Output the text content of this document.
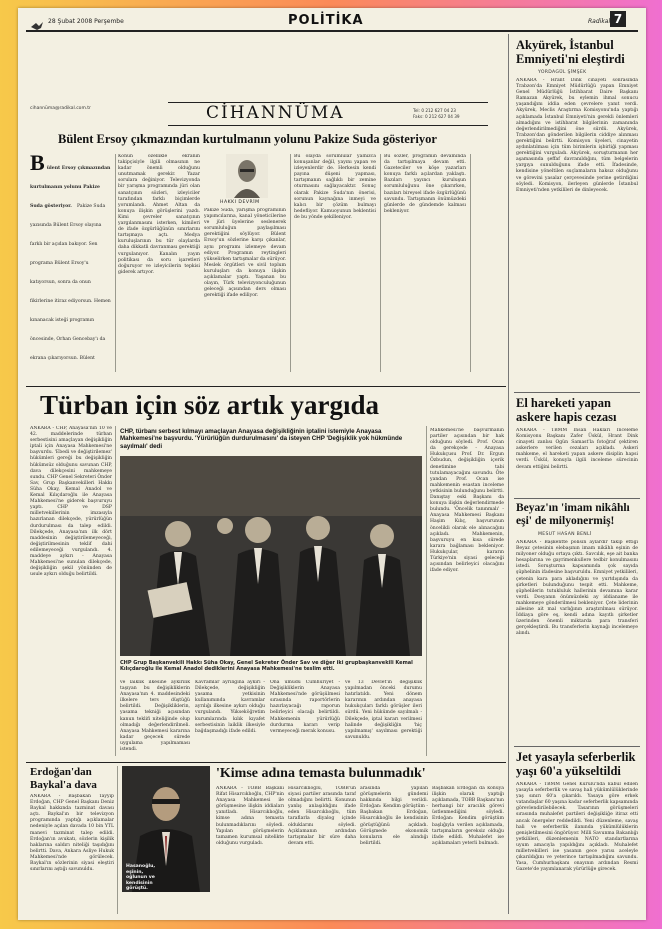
28 Şubat 2008 Perşembe	POLİTİKA	Radikal 7
cihannüma@radikal.com.tr	CİHANNÜMA	Tel: 0 212 627 04 23
Faks: 0 212 627 04 39
Bülent Ersoy çıkmazından kurtulmanın yolunu Pakize Suda gösteriyor
B ülent Ersoy çıkmazından kurtulmanın yolunu Pakize Suda gösteriyor. Pakize Suda yazısında Bülent Ersoy olayına farklı bir açıdan bakıyor. Sen programa Bülent Ersoy'u katıyorsun, sonra da onun fikirlerine itiraz ediyorsun. Hemen kınanacak isteği programın öncesinde, Orhan Gencebay'ı da ekrana çıkarıyorsun. Bülent
Konun özellikle ekranın takipçisiyle ilgili olmasının ne kadar önemli olduğunu unutmamak gerekir. Yazar sorulara değiniyor. Televizyonda bir yarışma programında jüri olan sanatçının sözleri, izleyiciler tarafından farklı biçimlerde yorumlandı. Ahmet Altan da konuya ilişkin görüşlerini yazdı. Kimi çevreler sanatçının yargılanmasını isterken, kimileri de ifade özgürlüğünün sınırlarını tartışmaya açtı. Medya kuruluşlarının bu tür olaylarda daha dikkatli davranması gerektiği vurgulanıyor. Kanalın yayın politikası da soru işaretleri doğuruyor ve izleyicilerin tepkisi giderek artıyor.
HAKKI DEVRİM
Pakize Suda, yarışma programının yapımcılarına, kanal yöneticilerine ve jüri üyelerine seslenerek sorumluluğun paylaşılması gerektiğini söylüyor. Bülent Ersoy'un sözlerine karşı çıkanlar, aynı programı izlemeye devam ediyor. Programın reytingleri yükselirken tartışmalar da sürüyor. Meslek örgütleri ve sivil toplum kuruluşları da konuya ilişkin açıklamalar yaptı. Yaşanan bu olayın, Türk televizyonculuğunun geleceği açısından ders olması gerektiği ifade ediliyor.
Bu olayda sorumlular yalnızca konuşanlar değil, yayını yapan ve izleyenlerdir de. Herkesin kendi payına düşeni yapması, tartışmanın sağlıklı bir zemine oturmasını sağlayacaktır. Sonuç olarak Pakize Suda'nın önerisi, sorunun kaynağına inmeyi ve kalıcı bir çözüm bulmayı hedefliyor. Kamuoyunun beklentisi de bu yönde şekilleniyor.
Bu sözler, programın devamında da tartışılmaya devam etti. Gazeteciler ve köşe yazarları konuya farklı açılardan yaklaştı. Bazıları yayıncı kuruluşun sorumluluğunu öne çıkarırken, bazıları bireysel ifade özgürlüğünü savundu. Tartışmanın önümüzdeki günlerde de gündemde kalması bekleniyor.
Akyürek, İstanbul Emniyeti'ni eleştirdi
YORDAGÜL ŞİMŞEK
ANKARA - Hrant Dink cinayeti sonrasında Trabzon'da Emniyet Müdürlüğü yapan Emniyet Genel Müdürlüğü İstihbarat Daire Başkanı Ramazan Akyürek, bu eylemin ihmal sonucu yaşandığını iddia eden çevrelere yanıt verdi. Akyürek, Meclis Araştırma Komisyonu'nda yaptığı açıklamada İstanbul Emniyeti'nin gerekli önlemleri almadığını ve istihbarat bilgilerinin zamanında değerlendirilmediğini öne sürdü. Akyürek, Trabzon'dan gönderilen bilgilerin ciddiye alınması gerektiğini belirtti. Komisyon üyeleri, cinayetin aydınlatılması için tüm birimlerin işbirliği yapması gerektiğini vurguladı. Akyürek, soruşturmanın her aşamasında şeffaf davranıldığını, tüm belgelerin yargıya sunulduğunu ifade etti. İfadesinde, kendisine yöneltilen suçlamaların haksız olduğunu ve görevini yasalar çerçevesinde yerine getirdiğini söyledi. Komisyon, ilerleyen günlerde İstanbul Emniyeti'nden yetkilileri de dinleyecek.
El hareketi yapan askere hapis cezası
ANKARA - TBMM İnsan Hakları İnceleme Komisyonu Başkanı Zafer Üskül, Hrant Dink cinayeti zanlısı Ogün Samast'la fotoğraf çektiren askerlere verilen cezaları açıkladı. Askeri mahkeme, el hareketi yapan askere disiplin hapsi verdi. Üskül, konuyla ilgili inceleme sürecinin devam ettiğini belirtti.
Beyaz'ın 'imam nikâhlı eşi' de milyonermiş!
MESUT HASAN BENLİ
ANKARA - Başkentte polisin aylardır takip ettiği Beyaz çetesinin elebaşının imam nikâhlı eşinin de milyoner olduğu ortaya çıktı. Savcılık, eşe ait banka hesaplarına ve gayrimenkullere tedbir konulmasını istedi. Soruşturma kapsamında çok sayıda şüphelinin ifadesine başvuruldu. Emniyet yetkilileri, çetenin kara para akladığını ve yurtdışında da şirketleri bulunduğunu tespit etti. Mahkeme, şüphelilerin tutukluluk hallerinin devamına karar verdi. Dosyanın önümüzdeki ay iddianame ile mahkemeye gönderilmesi bekleniyor. Çete liderinin ailesine ait mal varlığının araştırılması sürüyor. İddiaya göre eş, kendi adına kayıtlı şirketler üzerinden önemli miktarda para transferi gerçekleştirdi. Bu transferlerin kaynağı incelemeye alındı.
Jet yasayla seferberlik yaşı 60'a yükseltildi
ANKARA - TBMM Genel Kurulu'nda kabul edilen yasayla seferberlik ve savaş hali yükümlülüklerinde yaş sınırı 60'a çıkarıldı. Yasaya göre erkek vatandaşlar 60 yaşına kadar seferberlik kapsamında görevlendirilebilecek. Tasarının görüşmeleri sırasında muhalefet partileri değişikliğe itiraz etti ancak önergeler reddedildi. Yeni düzenleme, savaş hali ve seferberlik ilanında yükümlülüklerin genişletilmesini öngörüyor. Milli Savunma Bakanlığı yetkilileri, düzenlemenin NATO standartlarına uyum amacıyla yapıldığını açıkladı. Muhalefet milletvekilleri ise yasanın gece yarısı aceleyle çıkarıldığını ve yeterince tartışılmadığını savundu. Yasa, Cumhurbaşkanı onayının ardından Resmi Gazete'de yayımlanarak yürürlüğe girecek.
Türban için söz artık yargıda
ANKARA - CHP, Anayasa'nın 10 ve 42. maddelerinde türban serbestisini amaçlayan değişikliğin iptali için Anayasa Mahkemesi'ne başvurdu. 'Ebedi ve değiştirilemez' hükümleri gereği bu değişikliğin hükümsüz olduğunu savunan CHP, dava dilekçesini mahkemeye sundu. CHP Genel Sekreteri Önder Sav, Grup Başkanvekilleri Hakkı Süha Okay, Kemal Anadol ve Kemal Kılıçdaroğlu ile Anayasa Mahkemesi'ne giderek başvuruyu yaptı. CHP ve DSP milletvekillerinin imzasıyla hazırlanan dilekçede, yürürlüğün durdurulması da talep edildi. Dilekçede, Anayasa'nın ilk dört maddesinin değiştirilemeyeceği, değiştirilmesinin teklif dahi edilemeyeceği vurgulandı. 4. maddeye aykırı - Anayasa Mahkemesi'ne sunulan dilekçede, değişikliğin şekil yönünden de usule aykırı olduğu belirtildi.
CHP, türbanı serbest kılmayı amaçlayan Anayasa değişikliğinin iptalini istemiyle Anayasa Mahkemesi'ne başvurdu. 'Yürürlüğün durdurulmasını' da isteyen CHP 'Değişiklik yok hükmünde sayılmalı' dedi
CHP Grup Başkanvekili Hakkı Süha Okay, Genel Sekreter Önder Sav ve diğer iki grupbaşkanvekili Kemal Kılıçdaroğlu ile Kemal Anadol dediklerini Anayasa Mahkemesi'ne teslim etti.
ve laiklik ilkesine aykırılık taşıyan bu değişikliklerin Anayasa'nın 4. maddesindeki ilkelere ters düştüğü belirtildi. Değişikliklerin, yasama tekniği açısından kanun teklifi niteliğinde olup olmadığı değerlendirilmeli. Anayasa Mahkemesi kararına kadar geçecek sürede uygulama yapılmaması istendi.
Kavramlar ayrılığına aykırı - Dilekçede, değişikliğin yasama yetkisinin kullanımında kavramlar ayrılığı ilkesine aykırı olduğu vurgulandı. Yükseköğretim kurumlarında kılık kıyafet serbestisinin laiklik ilkesiyle bağdaşmadığı ifade edildi.
Ona umudu Cumhuriyet - Değişikliklerin Anayasa Mahkemesi'nde görüşülmesi sırasında raportörlerin hazırlayacağı raporun belirleyici olacağı belirtildi. Mahkemenin yürürlüğü durdurma kararı verip vermeyeceği merak konusu.
ve 13 Devlet'in değişiklik yapılmadan önceki durumu hatırlatıldı. Yeni dönem kararının ardından anayasa hukukçuları farklı görüşler ileri sürdü. Yeni hükümde sayılmalı - Dilekçede, iptal kararı verilmesi halinde değişikliğin 'hiç yapılmamış' sayılması gerektiği savunuldu.
Mahkemesi'ne başvurmanın partiler açısından bir hak olduğunu söyledi. Prof. Ocan da gerekçede - Anayasa Hukukçusu Prof. Dr. Ergun Özbudun, değişikliğin içerik denetimine tabi tutulamayacağını savundu. Öte yandan Prof. Ocan ise mahkemenin esastan inceleme yetkisinin bulunduğunu belirtti. Danıştay eski Başkanı da konuya ilişkin değerlendirmede bulundu. 'Öncelik tanınmalı' - Anayasa Mahkemesi Başkanı Haşim Kılıç, başvurunun öncelikli olarak ele alınacağını açıkladı. Mahkemenin, başvuruyu en kısa sürede karara bağlaması bekleniyor. Hukukçular, kararın Türkiye'nin siyasi geleceği açısından belirleyici olacağını ifade ediyor.
Erdoğan'dan Baykal'a dava
ANKARA - Başbakan Tayyip Erdoğan, CHP Genel Başkanı Deniz Baykal hakkında tazminat davası açtı. Baykal'ın bir televizyon programında yaptığı açıklamalar nedeniyle açılan davada 10 bin YTL manevi tazminat talep edildi. Erdoğan'ın avukatı, sözlerin kişilik haklarına saldırı niteliği taşıdığını belirtti. Dava, Ankara Asliye Hukuk Mahkemesi'nde görülecek. Baykal'ın sözlerinin siyasi eleştiri sınırlarını aştığı savunuldu.
Hasanoğlu, eşinin, oğlunun ve kendisinin görüştü.
'Kimse adına temasta bulunmadık'
ANKARA - TOBB Başkanı Rifat Hisarcıklıoğlu, CHP'nin Anayasa Mahkemesi ile görüşmesine ilişkin iddiaları yanıtladı. Hisarcıklıoğlu, kimse adına temasta bulunmadıklarını söyledi. Yapılan görüşmelerin tamamen kurumsal nitelikte olduğunu vurguladı.
Hisarcıklıoğlu, TOBB'un siyasi partiler arasında taraf olmadığını belirtti. Konunun yanlış anlaşıldığını ifade eden Hisarcıklıoğlu, tüm taraflarla diyalog içinde olduklarını söyledi. Açıklamanın ardından tartışmalar bir süre daha devam etti.
arasında yapılan görüşmelerin gündemi hakkında bilgi verildi. Erdoğan: Kendim görüştüm - Başbakan Erdoğan, Hisarcıklıoğlu ile kendisinin görüştüğünü açıkladı. Görüşmede ekonomik konuların ele alındığı belirtildi.
Başbakan Erdoğan da konuya ilişkin olarak yaptığı açıklamada, TOBB Başkanı'nın herhangi bir aracılık görevi üstlenmediğini söyledi. Erdoğan: Kendim görüştüm başlığıyla verilen açıklamada, tartışmaların gereksiz olduğu ifade edildi. Muhalefet ise açıklamaları yeterli bulmadı.
